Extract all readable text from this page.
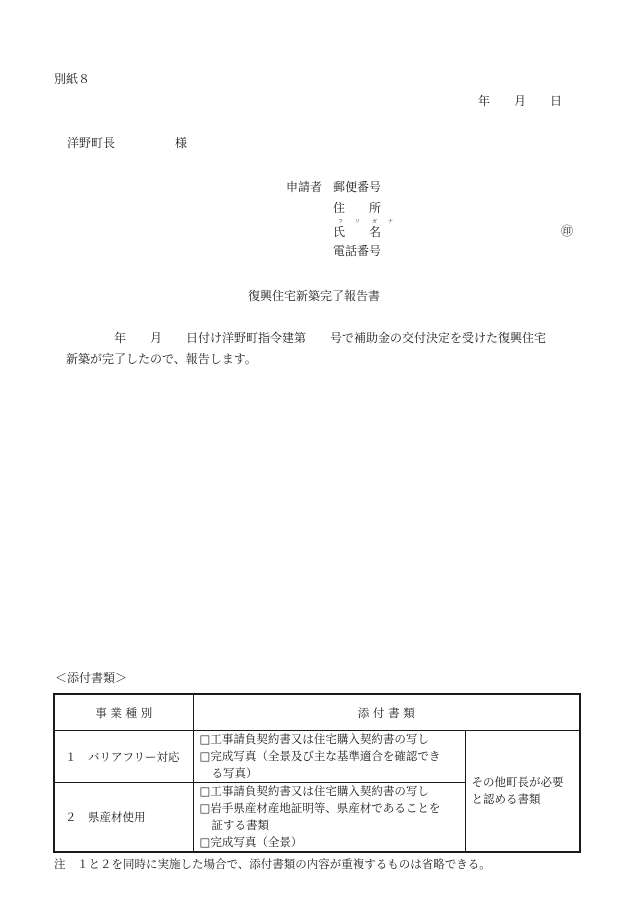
別紙８
年　　月　　日
洋野町長　　　　　様
申請者 郵便番号
住　　所
フ リ ガ ナ
氏　　名	㊞
電話番号
復興住宅新築完了報告書
　　　　年　　月　　日付け洋野町指令建第　　号で補助金の交付決定を受けた復興住宅
新築が完了したので、報告します。
＜添付書類＞
事 業 種 別	添 付 書 類	
１　バリアフリー対応	□工事請負契約書又は住宅購入契約書の写し
□完成写真（全景及び主な基準適合を確認でき
る写真）	その他町長が必要
と認める書類

２　県産材使用	□工事請負契約書又は住宅購入契約書の写し
□岩手県産材産地証明等、県産材であることを
証する書類
□完成写真（全景）	
注　１と２を同時に実施した場合で、添付書類の内容が重複するものは省略できる。
